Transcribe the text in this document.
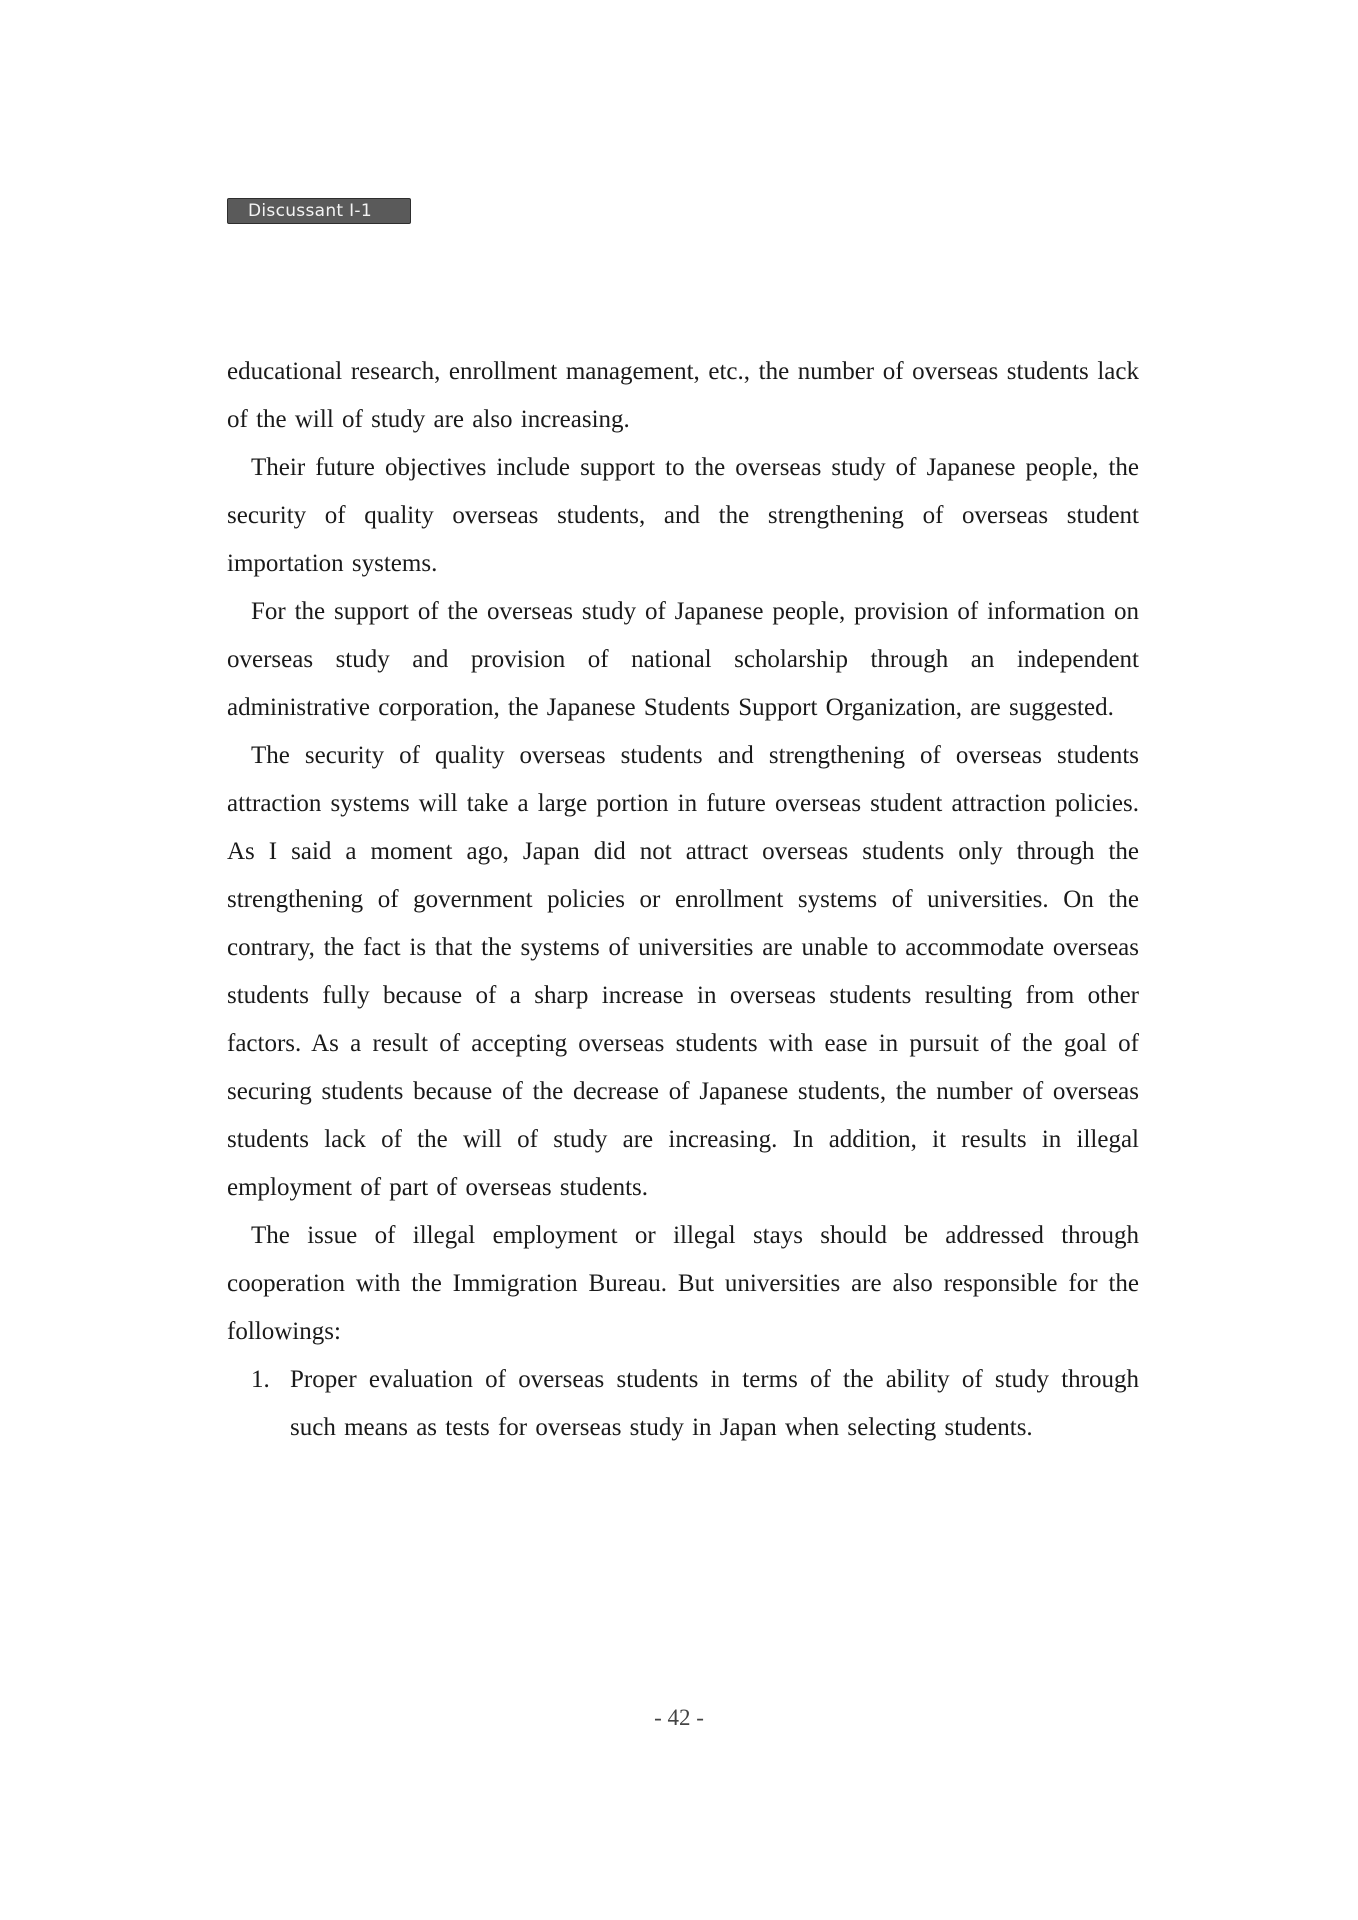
Discussant Ⅰ-1

educational research, enrollment management, etc., the number of overseas students lack of the will of study are also increasing.

Their future objectives include support to the overseas study of Japanese people, the security of quality overseas students, and the strengthening of overseas student importation systems.

For the support of the overseas study of Japanese people, provision of information on overseas study and provision of national scholarship through an independent administrative corporation, the Japanese Students Support Organization, are suggested.

The security of quality overseas students and strengthening of overseas students attraction systems will take a large portion in future overseas student attraction policies. As I said a moment ago, Japan did not attract overseas students only through the strengthening of government policies or enrollment systems of universities. On the contrary, the fact is that the systems of universities are unable to accommodate overseas students fully because of a sharp increase in overseas students resulting from other factors. As a result of accepting overseas students with ease in pursuit of the goal of securing students because of the decrease of Japanese students, the number of overseas students lack of the will of study are increasing. In addition, it results in illegal employment of part of overseas students.

The issue of illegal employment or illegal stays should be addressed through cooperation with the Immigration Bureau. But universities are also responsible for the followings:

1. Proper evaluation of overseas students in terms of the ability of study through such means as tests for overseas study in Japan when selecting students.
- 42 -
